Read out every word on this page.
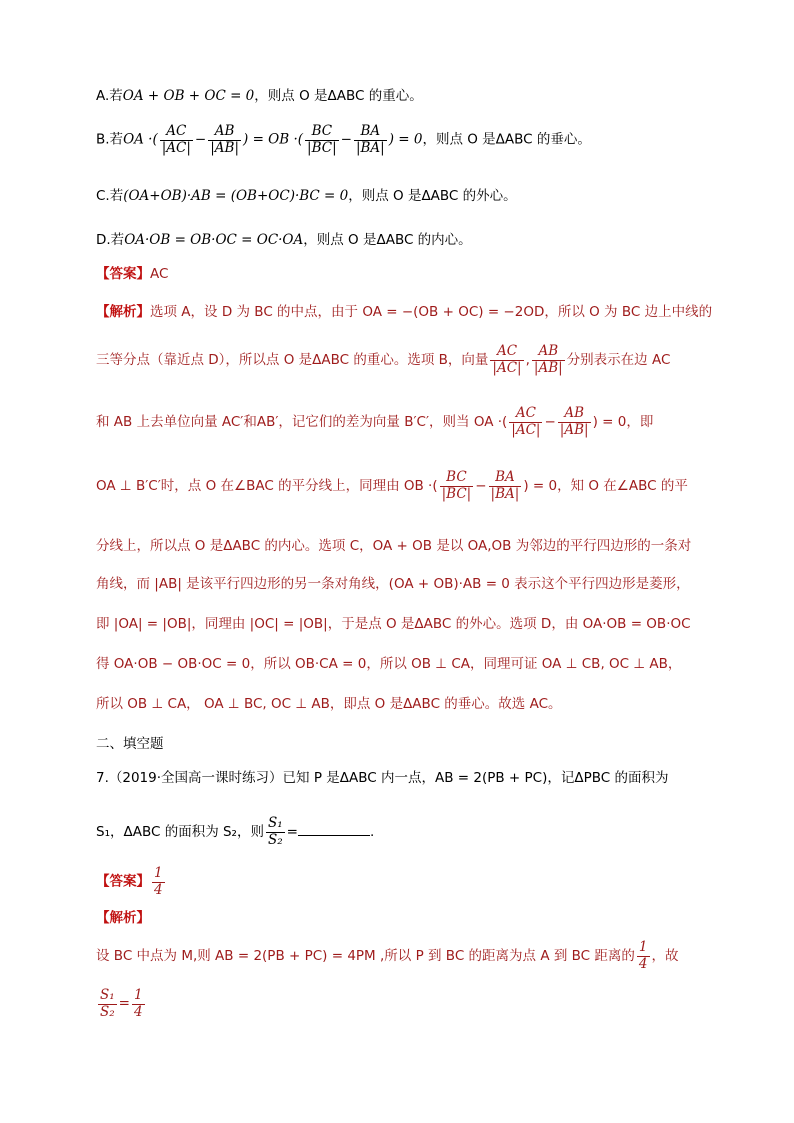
A.若OA + OB + OC = 0，则点 O 是ΔABC 的重心。
B.若OA ·( $\frac{AC}{|AC|} - \frac{AB}{|AB|}$ ) = OB ·( $\frac{BC}{|BC|} - \frac{BA}{|BA|}$ ) = 0，则点 O 是ΔABC 的垂心。
C.若(OA+OB)·AB = (OB+OC)·BC = 0，则点 O 是ΔABC 的外心。
D.若OA·OB = OB·OC = OC·OA，则点 O 是ΔABC 的内心。
【答案】AC
【解析】选项 A，设 D 为 BC 的中点，由于 OA = −(OB + OC) = −2OD，所以 O 为 BC 边上中线的
三等分点（靠近点 D），所以点 O 是ΔABC 的重心。选项 B，向量 $\frac{AC}{|AC|}$ , $\frac{AB}{|AB|}$ 分别表示在边 AC
和 AB 上去单位向量 AC′和AB′，记它们的差为向量 B′C′，则当 OA ·( $\frac{AC}{|AC|} - \frac{AB}{|AB|}$ ) = 0，即
OA ⊥ B′C′时，点 O 在∠BAC 的平分线上，同理由 OB ·( $\frac{BC}{|BC|} - \frac{BA}{|BA|}$ ) = 0，知 O 在∠ABC 的平
分线上，所以点 O 是ΔABC 的内心。选项 C，OA + OB 是以 OA,OB 为邻边的平行四边形的一条对
角线，而 |AB| 是该平行四边形的另一条对角线，(OA + OB)·AB = 0 表示这个平行四边形是菱形，
即 |OA| = |OB|，同理由 |OC| = |OB|，于是点 O 是ΔABC 的外心。选项 D，由 OA·OB = OB·OC
得 OA·OB − OB·OC = 0，所以 OB·CA = 0，所以 OB ⊥ CA，同理可证 OA ⊥ CB, OC ⊥ AB，
所以 OB ⊥ CA， OA ⊥ BC, OC ⊥ AB，即点 O 是ΔABC 的垂心。故选 AC。
二、填空题
7.（2019·全国高一课时练习）已知 P 是ΔABC 内一点，AB = 2(PB + PC)，记ΔPBC 的面积为
S₁，ΔABC 的面积为 S₂，则 $\frac{\text{S₁}}{\text{S₂}}$ =	.
【答案】 $\frac{1}{4}$
【解析】
设 BC 中点为 M,则 AB = 2(PB + PC) = 4PM ,所以 P 到 BC 的距离为点 A 到 BC 距离的 $\frac{1}{4}$ ，故
$\frac{\text{S₁}}{\text{S₂}} = \frac{1}{4}$
